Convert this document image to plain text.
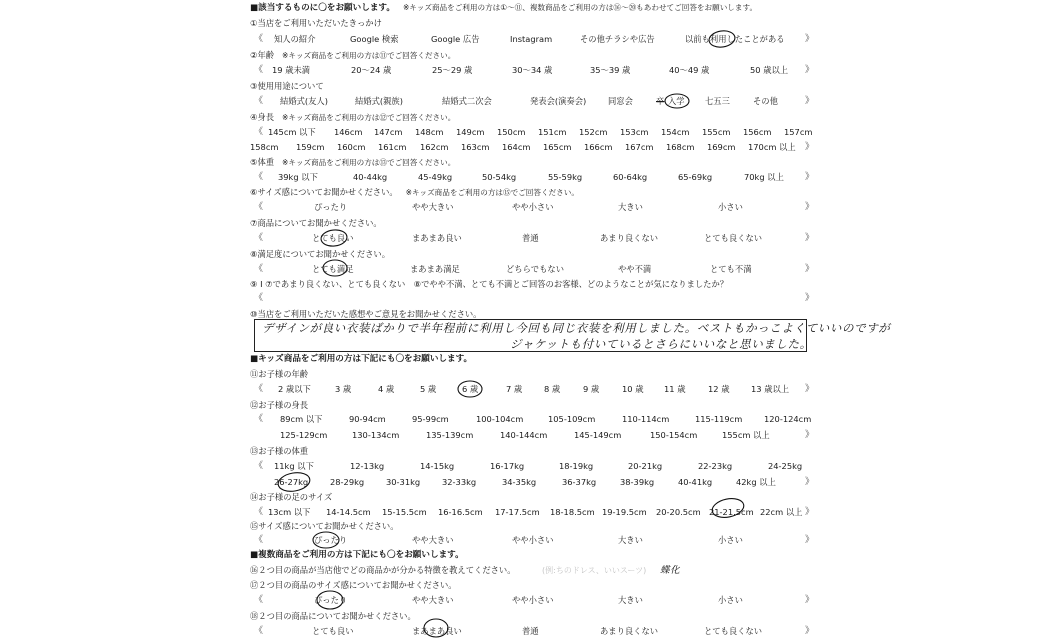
■該当するものに〇をお願いします。 ※キッズ商品をご利用の方は①〜⑪、複数商品をご利用の方は⑯〜⑳もあわせてご回答をお願いします。
①当店をご利用いただいたきっかけ
《 知人の紹介	Google 検索	Google 広告	Instagram	その他チラシや広告	以前も利用したことがある 》
②年齢 ※キッズ商品をご利用の方は⑪でご回答ください。
《 19 歳未満	20〜24 歳	25〜29 歳	30〜34 歳	35〜39 歳	40〜49 歳	50 歳以上 》
③使用用途について
《 結婚式(友人)	結婚式(親族)	結婚式二次会	発表会(演奏会)	同窓会	卒 入学 七五三	その他	》
④身長 ※キッズ商品をご利用の方は⑫でご回答ください。
《 145cm 以下 146cm 147cm 148cm 149cm 150cm 151cm 152cm 153cm 154cm 155cm 156cm 157cm
158cm 159cm 160cm 161cm 162cm 163cm 164cm 165cm 166cm 167cm 168cm 169cm 170cm 以上 》
⑤体重 ※キッズ商品をご利用の方は⑬でご回答ください。
《 39kg 以下	40-44kg	45-49kg	50-54kg	55-59kg	60-64kg	65-69kg	70kg 以上 》
⑥サイズ感についてお聞かせください。 ※キッズ商品をご利用の方は⑮でご回答ください。
《	ぴったり	やや大きい	やや小さい	大きい	小さい	》
⑦商品についてお聞かせください。
《	とても良い	まあまあ良い	普通	あまり良くない	とても良くない	》
⑧満足度についてお聞かせください。
《	とても満足	まあまあ満足	どちらでもない	やや不満	とても不満	》
⑨ I ⑦であまり良くない、とても良くない　⑧でやや不満、とても不満とご回答のお客様、どのようなことが気になりましたか？
《	》
⑩当店をご利用いただいた感想やご意見をお聞かせください。
デザインが良い衣装ばかりで半年程前に利用し今回も同じ衣装を利用しました。ベストもかっこよくていいのですが
ジャケットも付いているとさらにいいなと思いました。
■キッズ商品をご利用の方は下記にも〇をお願いします。
⑪お子様の年齢
《 2 歳以下	3 歳	4 歳	5 歳	6 歳	7 歳	8 歳	9 歳	10 歳 11 歳	12 歳	13 歳以上 》
⑫お子様の身長
《 89cm 以下	90-94cm	95-99cm	100-104cm	105-109cm	110-114cm	115-119cm	120-124cm
125-129cm	130-134cm	135-139cm	140-144cm	145-149cm	150-154cm	155cm 以上	》
⑬お子様の体重
《 11kg 以下	12-13kg	14-15kg	16-17kg	18-19kg	20-21kg	22-23kg	24-25kg
26-27kg	28-29kg	30-31kg	32-33kg	34-35kg	36-37kg	38-39kg	40-41kg	42kg 以上	》
⑭お子様の足のサイズ
《 13cm 以下 14-14.5cm 15-15.5cm 16-16.5cm 17-17.5cm 18-18.5cm 19-19.5cm 20-20.5cm 21-21.5cm 22cm 以上 》
⑮サイズ感についてお聞かせください。
《	ぴったり	やや大きい	やや小さい	大きい	小さい	》
■複数商品をご利用の方は下記にも〇をお願いします。
⑯２つ目の商品が当店他でどの商品かが分かる特徴を教えてください。	(例:ちのドレス、いいスーツ) 蝶化
⑰２つ目の商品のサイズ感についてお聞かせください。
《	ぴったり	やや大きい	やや小さい	大きい	小さい	》
⑱２つ目の商品についてお聞かせください。
《	とても良い	まあまあ良い	普通	あまり良くない	とても良くない	》
